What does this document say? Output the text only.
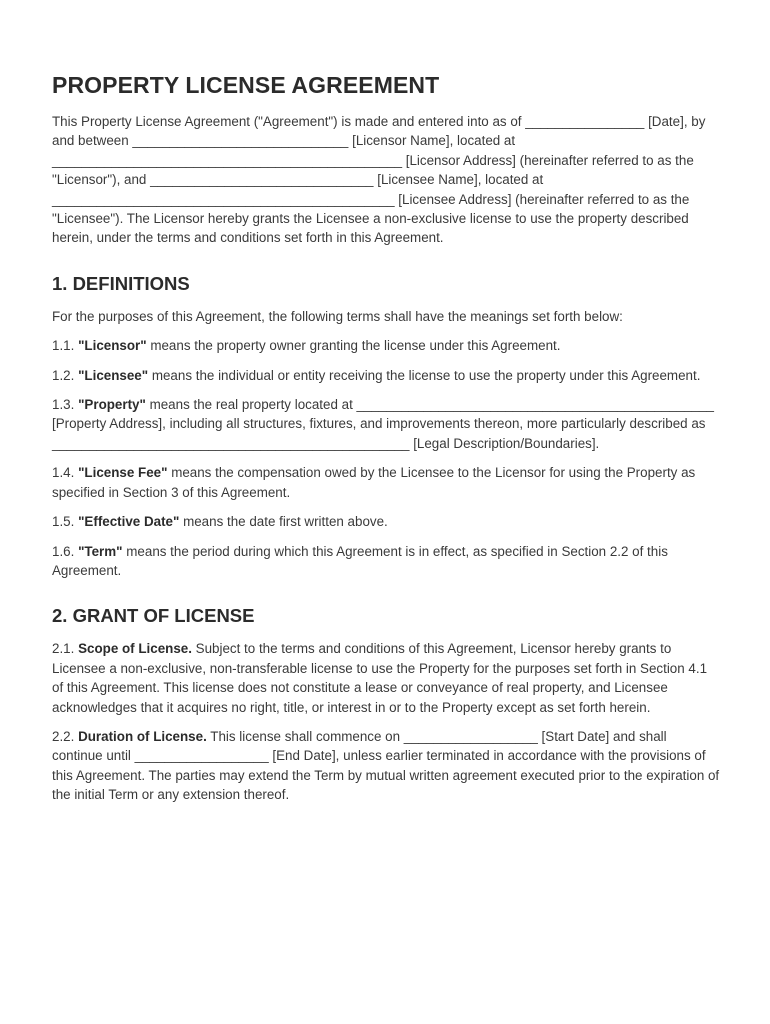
PROPERTY LICENSE AGREEMENT

This Property License Agreement ("Agreement") is made and entered into as of ________________ [Date], by and between _____________________________ [Licensor Name], located at _______________________________________________ [Licensor Address] (hereinafter referred to as the "Licensor"), and ______________________________ [Licensee Name], located at ______________________________________________ [Licensee Address] (hereinafter referred to as the "Licensee"). The Licensor hereby grants the Licensee a non-exclusive license to use the property described herein, under the terms and conditions set forth in this Agreement.

1. DEFINITIONS

For the purposes of this Agreement, the following terms shall have the meanings set forth below:

1.1. "Licensor" means the property owner granting the license under this Agreement.

1.2. "Licensee" means the individual or entity receiving the license to use the property under this Agreement.

1.3. "Property" means the real property located at ________________________________________________ [Property Address], including all structures, fixtures, and improvements thereon, more particularly described as ________________________________________________ [Legal Description/Boundaries].

1.4. "License Fee" means the compensation owed by the Licensee to the Licensor for using the Property as specified in Section 3 of this Agreement.

1.5. "Effective Date" means the date first written above.

1.6. "Term" means the period during which this Agreement is in effect, as specified in Section 2.2 of this Agreement.

2. GRANT OF LICENSE

2.1. Scope of License. Subject to the terms and conditions of this Agreement, Licensor hereby grants to Licensee a non-exclusive, non-transferable license to use the Property for the purposes set forth in Section 4.1 of this Agreement. This license does not constitute a lease or conveyance of real property, and Licensee acknowledges that it acquires no right, title, or interest in or to the Property except as set forth herein.

2.2. Duration of License. This license shall commence on __________________ [Start Date] and shall continue until __________________ [End Date], unless earlier terminated in accordance with the provisions of this Agreement. The parties may extend the Term by mutual written agreement executed prior to the expiration of the initial Term or any extension thereof.
